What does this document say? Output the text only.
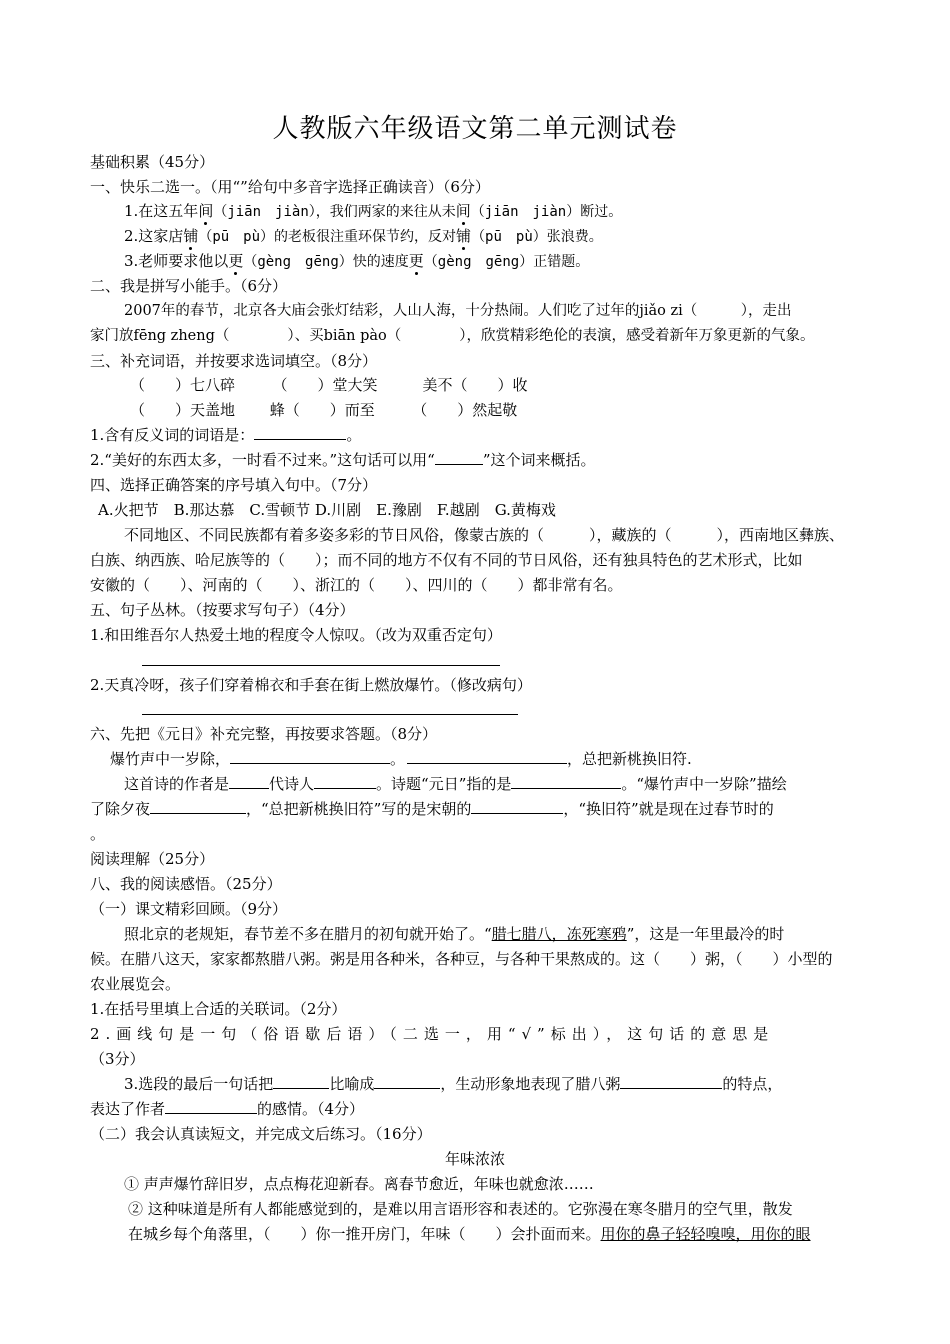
人教版六年级语文第二单元测试卷
基础积累（45分）
一、快乐二选一。（用“”给句中多音字选择正确读音）（6分）
1.在这五年间（jiān　jiàn），我们两家的来往从未间（jiān　jiàn）断过。
2.这家店铺（pū　pù）的老板很注重环保节约，反对铺（pū　pù）张浪费。
3.老师要求他以更（gèng　gēng）快的速度更（gèng　gēng）正错题。
二、我是拼写小能手。（6分）
2007年的春节，北京各大庙会张灯结彩，人山人海，十分热闹。人们吃了过年的jiǎo zi（　　　），走出
家门放fēng zheng（　　　　）、买biān pào（　　　　），欣赏精彩绝伦的表演，感受着新年万象更新的气象。
三、补充词语，并按要求选词填空。（8分）
（　　）七八碎　　　（　　）堂大笑　　　美不（　　）收
（　　）天盖地　　 蜂（　　）而至　　　（　　）然起敬
1.含有反义词的词语是：	。
2.“美好的东西太多，一时看不过来。”这句话可以用“	”这个词来概括。
四、选择正确答案的序号填入句中。（7分）
A.火把节　B.那达慕　C.雪顿节 D.川剧　E.豫剧　F.越剧　G.黄梅戏
不同地区、不同民族都有着多姿多彩的节日风俗，像蒙古族的（　　　），藏族的（　　　），西南地区彝族、
白族、纳西族、哈尼族等的（　　）；而不同的地方不仅有不同的节日风俗，还有独具特色的艺术形式，比如
安徽的（　　）、河南的（　　）、浙江的（　　）、四川的（　　）都非常有名。
五、句子丛林。（按要求写句子）（4分）
1.和田维吾尔人热爱土地的程度令人惊叹。（改为双重否定句）
2.天真冷呀，孩子们穿着棉衣和手套在街上燃放爆竹。（修改病句）
六、先把《元日》补充完整，再按要求答题。（8分）
爆竹声中一岁除，	。	，总把新桃换旧符.
这首诗的作者是	代诗人	。诗题“元日”指的是	。“爆竹声中一岁除”描绘
了除夕夜	，“总把新桃换旧符”写的是宋朝的	，“换旧符”就是现在过春节时的
。
阅读理解（25分）
八、我的阅读感悟。（25分）
（一）课文精彩回顾。（9分）
照北京的老规矩，春节差不多在腊月的初旬就开始了。“腊七腊八，冻死寒鸦”，这是一年里最冷的时
候。在腊八这天，家家都熬腊八粥。粥是用各种米，各种豆，与各种干果熬成的。这（　　）粥，（　　）小型的
农业展览会。
1.在括号里填上合适的关联词。（2分）
2.画线句是一句（俗语歇后语）（二选一，用“√”标出），这句话的意思是
（3分）
3.选段的最后一句话把	比喻成	，生动形象地表现了腊八粥	的特点，
表达了作者	的感情。（4分）
（二）我会认真读短文，并完成文后练习。（16分）
年味浓浓
① 声声爆竹辞旧岁，点点梅花迎新春。离春节愈近，年味也就愈浓……
② 这种味道是所有人都能感觉到的，是难以用言语形容和表述的。它弥漫在寒冬腊月的空气里，散发
在城乡每个角落里，（　　）你一推开房门，年味（　　）会扑面而来。用你的鼻子轻轻嗅嗅，用你的眼
